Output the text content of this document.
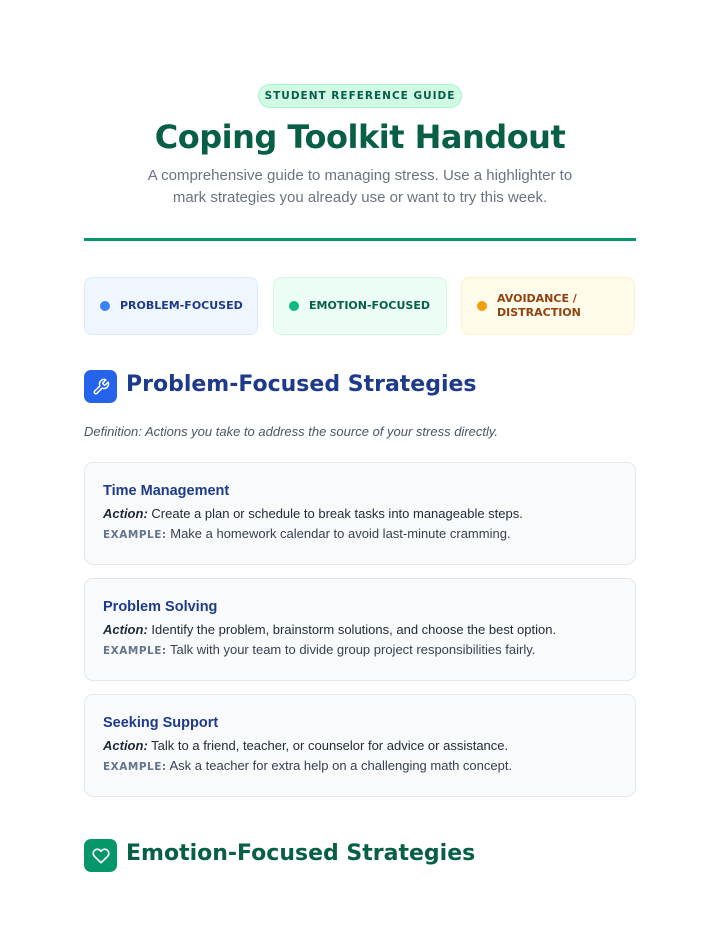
STUDENT REFERENCE GUIDE
Coping Toolkit Handout
A comprehensive guide to managing stress. Use a highlighter to mark strategies you already use or want to try this week.
PROBLEM-FOCUSED	EMOTION-FOCUSED
AVOIDANCE / DISTRACTION
Problem-Focused Strategies
Definition: Actions you take to address the source of your stress directly.
Time Management
Action: Create a plan or schedule to break tasks into manageable steps.
EXAMPLE: Make a homework calendar to avoid last-minute cramming.
Problem Solving
Action: Identify the problem, brainstorm solutions, and choose the best option.
EXAMPLE: Talk with your team to divide group project responsibilities fairly.
Seeking Support
Action: Talk to a friend, teacher, or counselor for advice or assistance.
EXAMPLE: Ask a teacher for extra help on a challenging math concept.
Emotion-Focused Strategies
